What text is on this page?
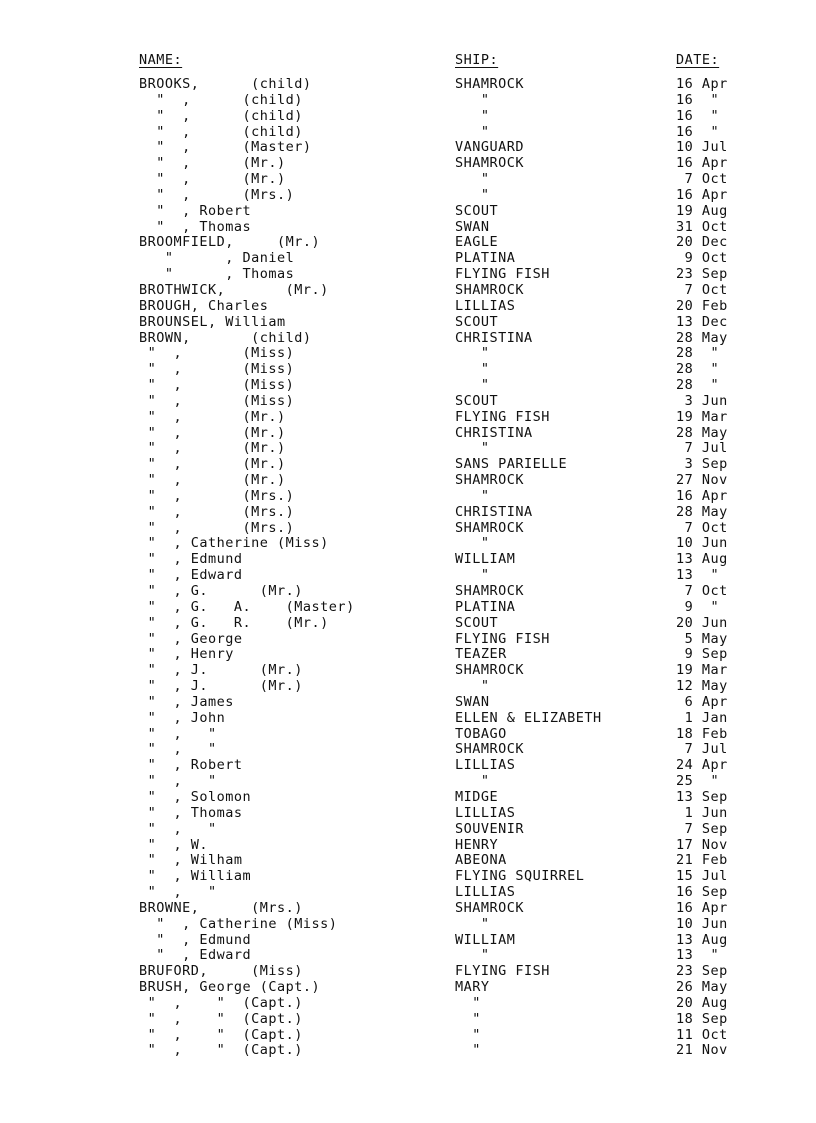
NAME:	SHIP:	DATE:
BROOKS,      (child)	SHAMROCK	16 Apr
"  ,      (child)	"	16  "
"  ,      (child)	"	16  "
"  ,      (child)	"	16  "
"  ,      (Master)	VANGUARD	10 Jul
"  ,      (Mr.)	SHAMROCK	16 Apr
"  ,      (Mr.)	"	7 Oct
"  ,      (Mrs.)	"	16 Apr
"  , Robert	SCOUT	19 Aug
"  , Thomas	SWAN	31 Oct
BROOMFIELD,     (Mr.)	EAGLE	20 Dec
"      , Daniel	PLATINA	9 Oct
"      , Thomas	FLYING FISH	23 Sep
BROTHWICK,       (Mr.)	SHAMROCK	7 Oct
BROUGH, Charles	LILLIAS	20 Feb
BROUNSEL, William	SCOUT	13 Dec
BROWN,       (child)	CHRISTINA	28 May
"  ,       (Miss)	"	28  "
"  ,       (Miss)	"	28  "
"  ,       (Miss)	"	28  "
"  ,       (Miss)	SCOUT	3 Jun
"  ,       (Mr.)	FLYING FISH	19 Mar
"  ,       (Mr.)	CHRISTINA	28 May
"  ,       (Mr.)	"	7 Jul
"  ,       (Mr.)	SANS PARIELLE	3 Sep
"  ,       (Mr.)	SHAMROCK	27 Nov
"  ,       (Mrs.)	"	16 Apr
"  ,       (Mrs.)	CHRISTINA	28 May
"  ,       (Mrs.)	SHAMROCK	7 Oct
"  , Catherine (Miss)	"	10 Jun
"  , Edmund	WILLIAM	13 Aug
"  , Edward	"	13  "
"  , G.      (Mr.)	SHAMROCK	7 Oct
"  , G.   A.    (Master)	PLATINA	9  "
"  , G.   R.    (Mr.)	SCOUT	20 Jun
"  , George	FLYING FISH	5 May
"  , Henry	TEAZER	9 Sep
"  , J.      (Mr.)	SHAMROCK	19 Mar
"  , J.      (Mr.)	"	12 May
"  , James	SWAN	6 Apr
"  , John	ELLEN & ELIZABETH	1 Jan
"  ,   "	TOBAGO	18 Feb
"  ,   "	SHAMROCK	7 Jul
"  , Robert	LILLIAS	24 Apr
"  ,   "	"	25  "
"  , Solomon	MIDGE	13 Sep
"  , Thomas	LILLIAS	1 Jun
"  ,   "	SOUVENIR	7 Sep
"  , W.	HENRY	17 Nov
"  , Wilham	ABEONA	21 Feb
"  , William	FLYING SQUIRREL	15 Jul
"  ,   "	LILLIAS	16 Sep
BROWNE,      (Mrs.)	SHAMROCK	16 Apr
"  , Catherine (Miss)	"	10 Jun
"  , Edmund	WILLIAM	13 Aug
"  , Edward	"	13  "
BRUFORD,     (Miss)	FLYING FISH	23 Sep
BRUSH, George (Capt.)	MARY	26 May
"  ,    "  (Capt.)	"	20 Aug
"  ,    "  (Capt.)	"	18 Sep
"  ,    "  (Capt.)	"	11 Oct
"  ,    "  (Capt.)	"	21 Nov
